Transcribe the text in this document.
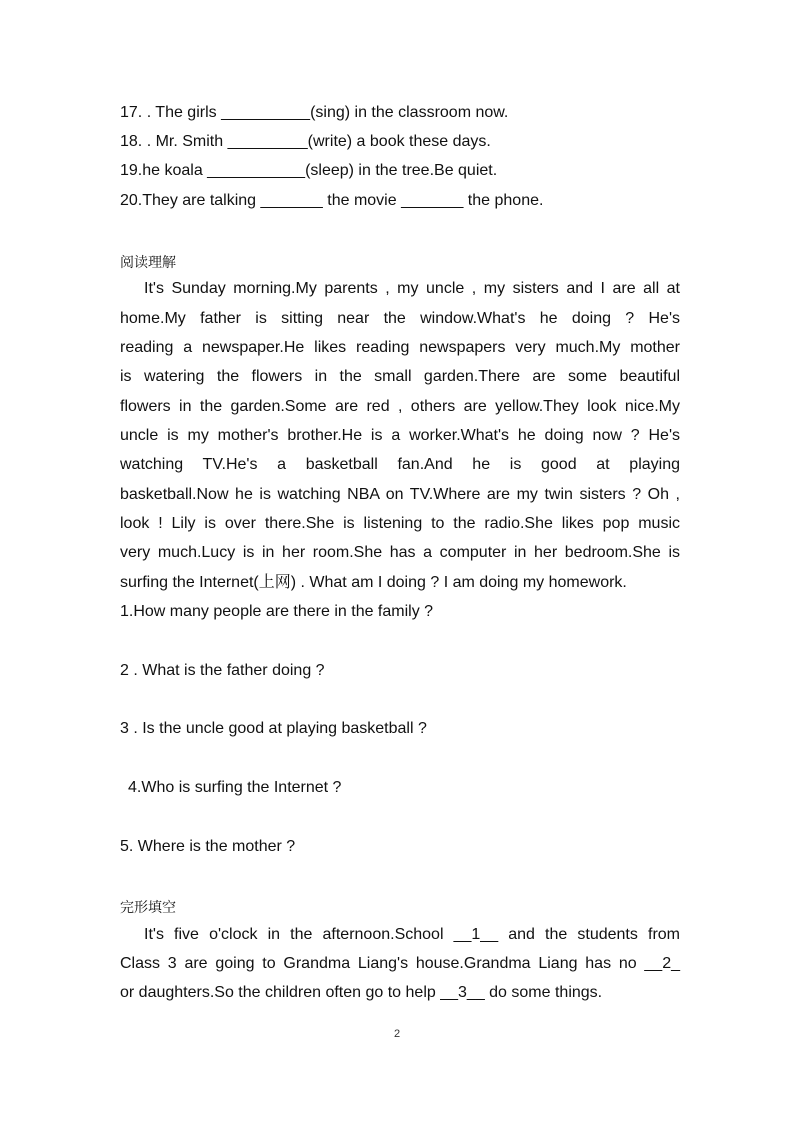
17. . The girls __________(sing) in the classroom now.
18. . Mr. Smith _________(write) a book these days.
19.he koala ___________(sleep) in the tree.Be quiet.
20.They are talking _______ the movie _______ the phone.
阅读理解
It's Sunday morning.My parents , my uncle , my sisters and I are all at
home.My father is sitting near the window.What's he doing ? He's
reading a newspaper.He likes reading newspapers very much.My mother
is watering the flowers in the small garden.There are some beautiful
flowers in the garden.Some are red , others are yellow.They look nice.My
uncle is my mother's brother.He is a worker.What's he doing now ? He's
watching TV.He's a basketball fan.And he is good at playing
basketball.Now he is watching NBA on TV.Where are my twin sisters ? Oh ,
look ! Lily is over there.She is listening to the radio.She likes pop music
very much.Lucy is in her room.She has a computer in her bedroom.She is
surfing the Internet(上网) . What am I doing ? I am doing my homework.
1.How many people are there in the family ?
2 . What is the father doing ?
3 . Is the uncle good at playing basketball ?
4.Who is surfing the Internet ?
5. Where is the mother ?
完形填空
It's five o'clock in the afternoon.School __1__ and the students from
Class 3 are going to Grandma Liang's house.Grandma Liang has no __2_
or daughters.So the children often go to help __3__ do some things.
2
